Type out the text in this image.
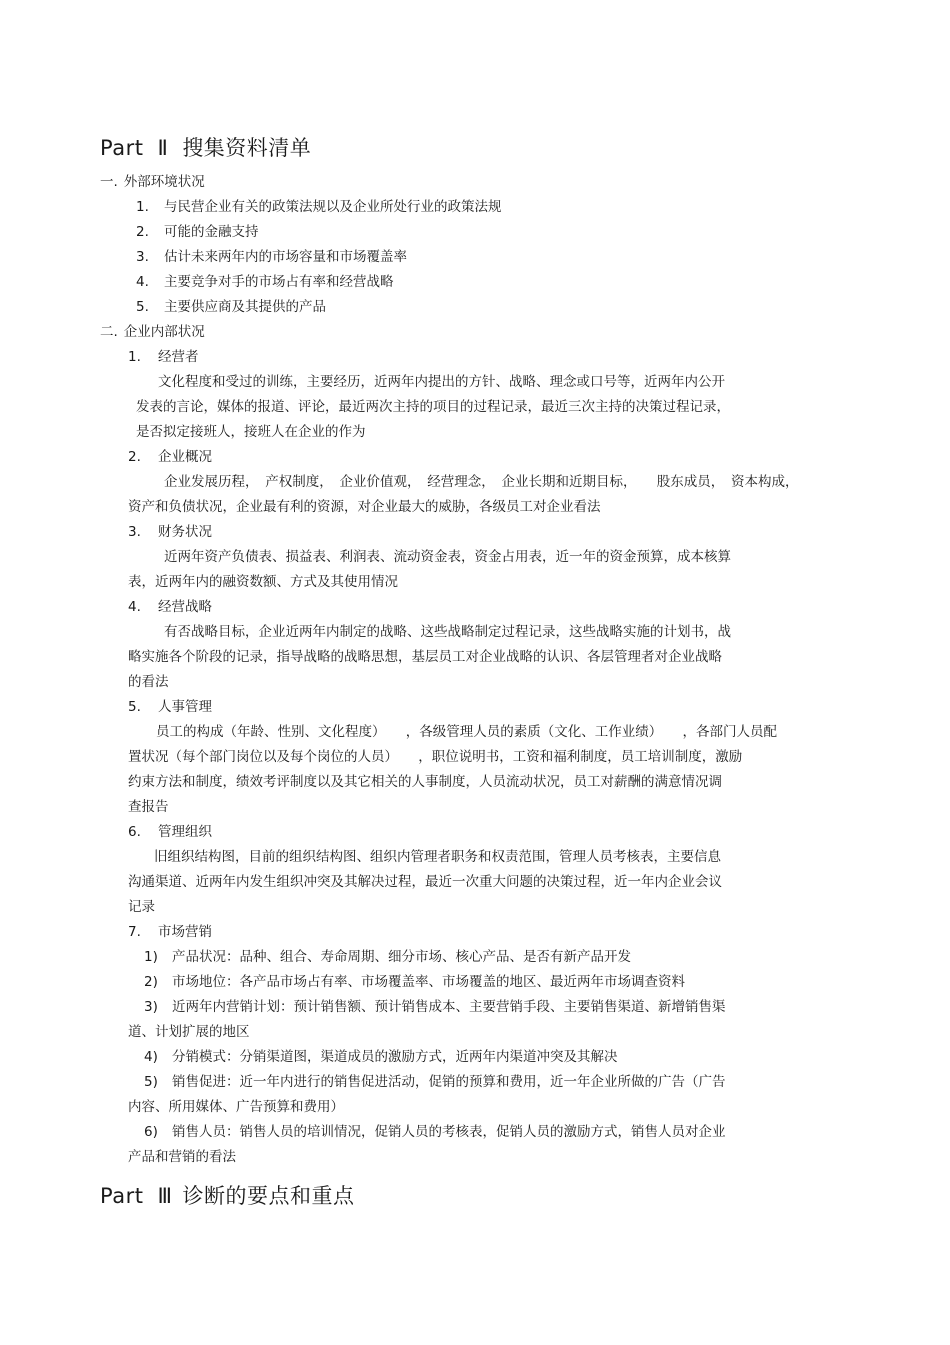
Part Ⅱ 搜集资料清单
一. 外部环境状况
1. 与民营企业有关的政策法规以及企业所处行业的政策法规
2. 可能的金融支持
3. 估计未来两年内的市场容量和市场覆盖率
4. 主要竞争对手的市场占有率和经营战略
5. 主要供应商及其提供的产品
二. 企业内部状况
1. 经营者
文化程度和受过的训练，主要经历，近两年内提出的方针、战略、理念或口号等，近两年内公开
发表的言论，媒体的报道、评论，最近两次主持的项目的过程记录，最近三次主持的决策过程记录，
是否拟定接班人，接班人在企业的作为
2. 企业概况
企业发展历程，　产权制度，　企业价值观，　经营理念，　企业长期和近期目标，　　股东成员，　资本构成，
资产和负债状况，企业最有利的资源，对企业最大的威胁，各级员工对企业看法
3. 财务状况
近两年资产负债表、损益表、利润表、流动资金表，资金占用表，近一年的资金预算，成本核算
表，近两年内的融资数额、方式及其使用情况
4. 经营战略
有否战略目标，企业近两年内制定的战略、这些战略制定过程记录，这些战略实施的计划书，战
略实施各个阶段的记录，指导战略的战略思想，基层员工对企业战略的认识、各层管理者对企业战略
的看法
5. 人事管理
员工的构成（年龄、性别、文化程度）　　，各级管理人员的素质（文化、工作业绩）　　，各部门人员配
置状况（每个部门岗位以及每个岗位的人员）　　，职位说明书，工资和福利制度，员工培训制度，激励
约束方法和制度，绩效考评制度以及其它相关的人事制度，人员流动状况，员工对薪酬的满意情况调
查报告
6. 管理组织
旧组织结构图，目前的组织结构图、组织内管理者职务和权责范围，管理人员考核表，主要信息
沟通渠道、近两年内发生组织冲突及其解决过程，最近一次重大问题的决策过程，近一年内企业会议
记录
7. 市场营销
1) 产品状况：品种、组合、寿命周期、细分市场、核心产品、是否有新产品开发
2) 市场地位：各产品市场占有率、市场覆盖率、市场覆盖的地区、最近两年市场调查资料
3) 近两年内营销计划：预计销售额、预计销售成本、主要营销手段、主要销售渠道、新增销售渠
道、计划扩展的地区
4) 分销模式：分销渠道图，渠道成员的激励方式，近两年内渠道冲突及其解决
5) 销售促进：近一年内进行的销售促进活动，促销的预算和费用，近一年企业所做的广告（广告
内容、所用媒体、广告预算和费用）
6) 销售人员：销售人员的培训情况，促销人员的考核表，促销人员的激励方式，销售人员对企业
产品和营销的看法
Part Ⅲ 诊断的要点和重点
